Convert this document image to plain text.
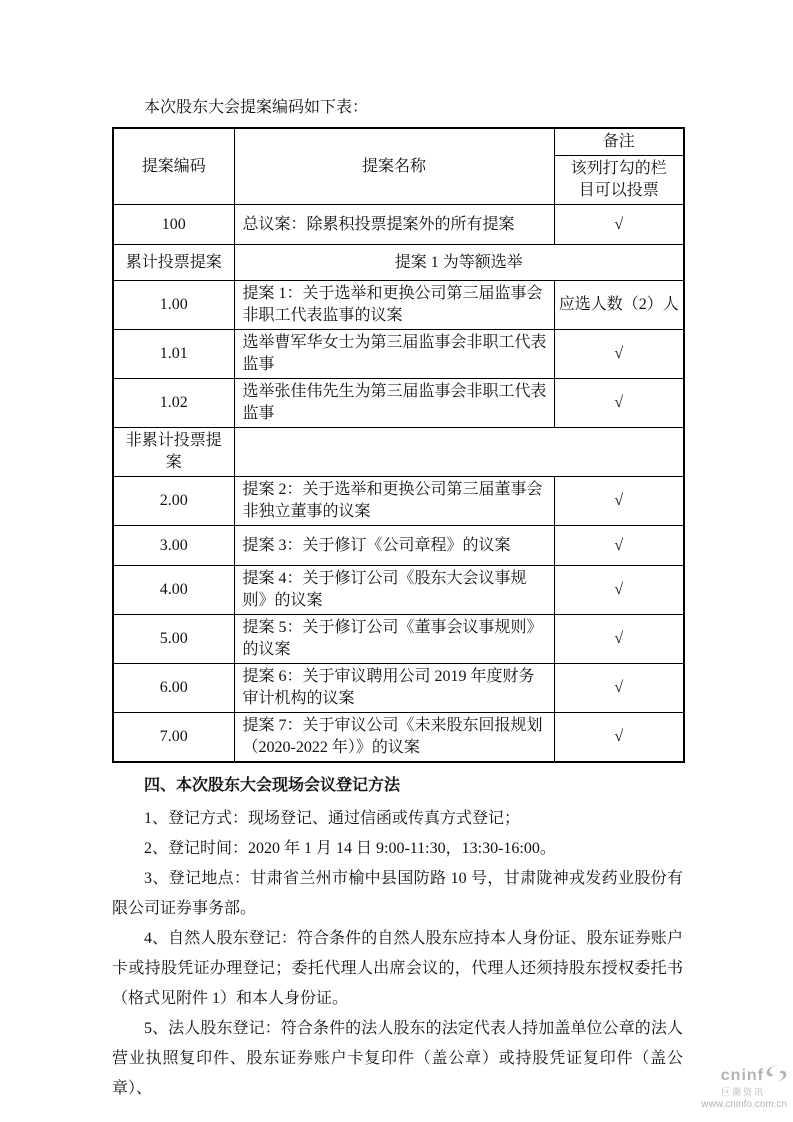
本次股东大会提案编码如下表：

提案编码	提案名称	备注
		该列打勾的栏目可以投票
100	总议案：除累积投票提案外的所有提案	√
累计投票提案	提案 1 为等额选举	
1.00	提案 1：关于选举和更换公司第三届监事会非职工代表监事的议案	应选人数（2）人
1.01	选举曹军华女士为第三届监事会非职工代表监事	√
1.02	选举张佳伟先生为第三届监事会非职工代表监事	√
非累计投票提案		
2.00	提案 2：关于选举和更换公司第三届董事会非独立董事的议案	√
3.00	提案 3：关于修订《公司章程》的议案	√
4.00	提案 4：关于修订公司《股东大会议事规则》的议案	√
5.00	提案 5：关于修订公司《董事会议事规则》的议案	√
6.00	提案 6：关于审议聘用公司 2019 年度财务审计机构的议案	√
7.00	提案 7：关于审议公司《未来股东回报规划（2020-2022 年）》的议案	√

四、本次股东大会现场会议登记方法

1、登记方式：现场登记、通过信函或传真方式登记；

2、登记时间：2020 年 1 月 14 日 9:00-11:30，13:30-16:00。

3、登记地点：甘肃省兰州市榆中县国防路 10 号，甘肃陇神戎发药业股份有限公司证券事务部。

4、自然人股东登记：符合条件的自然人股东应持本人身份证、股东证券账户卡或持股凭证办理登记；委托代理人出席会议的，代理人还须持股东授权委托书（格式见附件 1）和本人身份证。

5、法人股东登记：符合条件的法人股东的法定代表人持加盖单位公章的法人营业执照复印件、股东证券账户卡复印件（盖公章）或持股凭证复印件（盖公章）、

cninf
巨潮资讯
www.cninfo.com.cn
